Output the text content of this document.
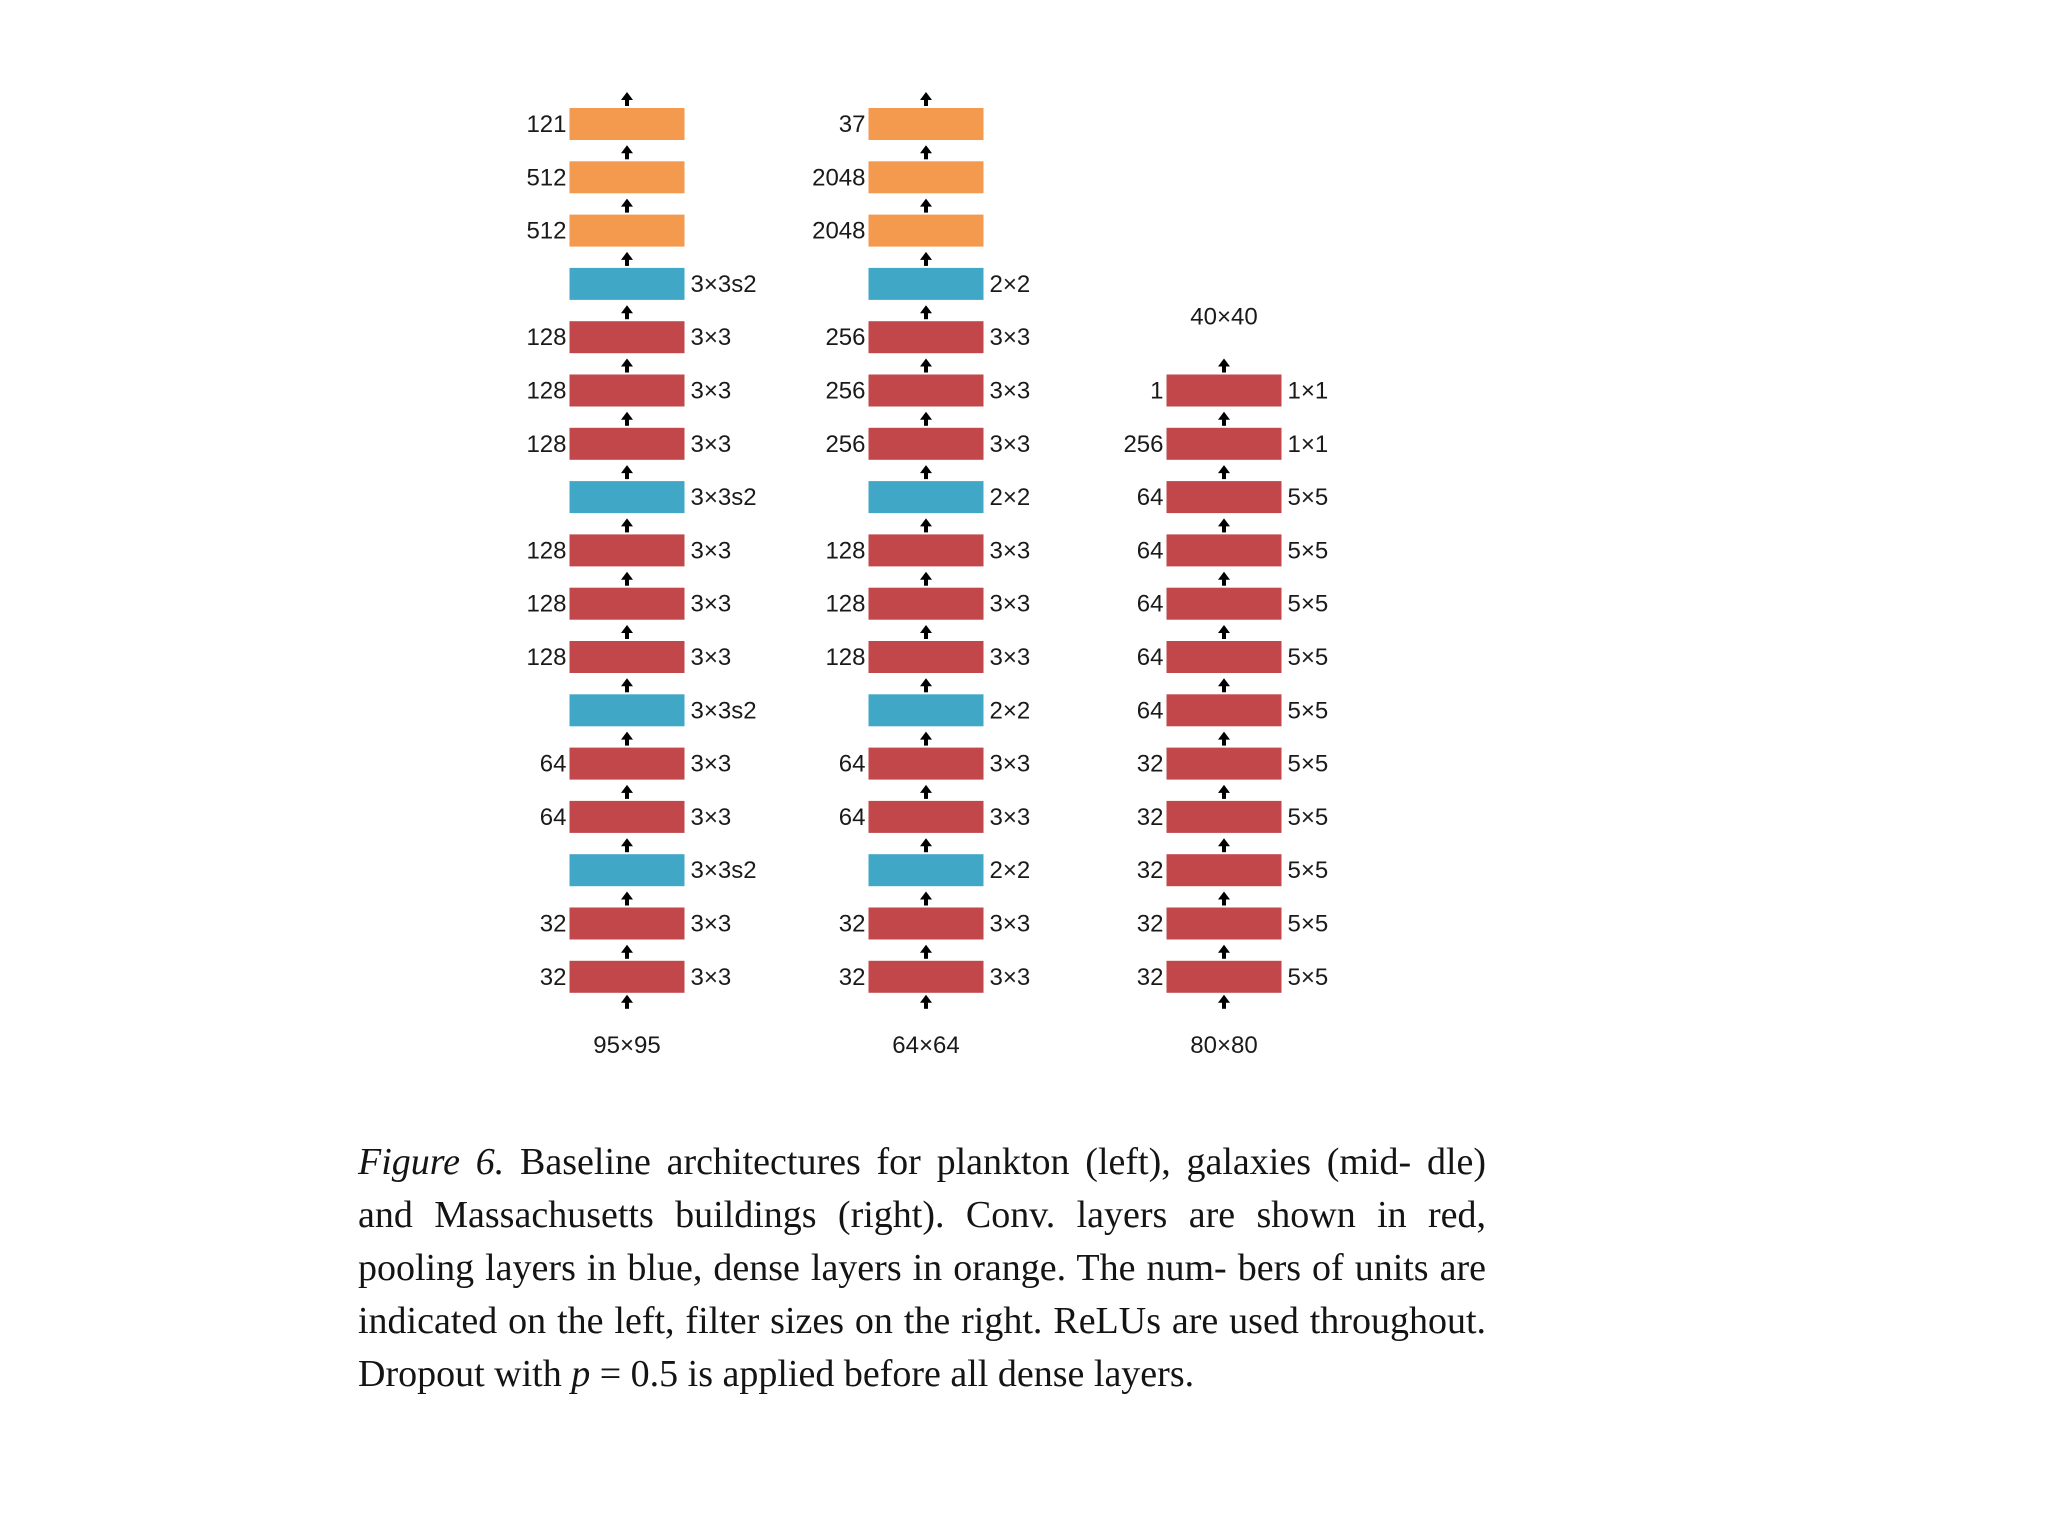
121
512
512
3×3s2
128	3×3
128	3×3
128	3×3
3×3s2
128	3×3
128	3×3
128	3×3
3×3s2
64	3×3
64	3×3
3×3s2
32	3×3
32	3×3
95×95
37
2048
2048
2×2
256	3×3
256	3×3
256	3×3
2×2
128	3×3
128	3×3
128	3×3
2×2
64	3×3
64	3×3
2×2
32	3×3
32	3×3
64×64
1	1×1
256	1×1
64	5×5
64	5×5
64	5×5
64	5×5
64	5×5
32	5×5
32	5×5
32	5×5
32	5×5
32	5×5
80×80
40×40
Figure 6. Baseline architectures for plankton (left), galaxies (mid- dle) and Massachusetts buildings (right). Conv. layers are shown in red, pooling layers in blue, dense layers in orange. The num- bers of units are indicated on the left, filter sizes on the right. ReLUs are used throughout. Dropout with p = 0.5 is applied before all dense layers.
